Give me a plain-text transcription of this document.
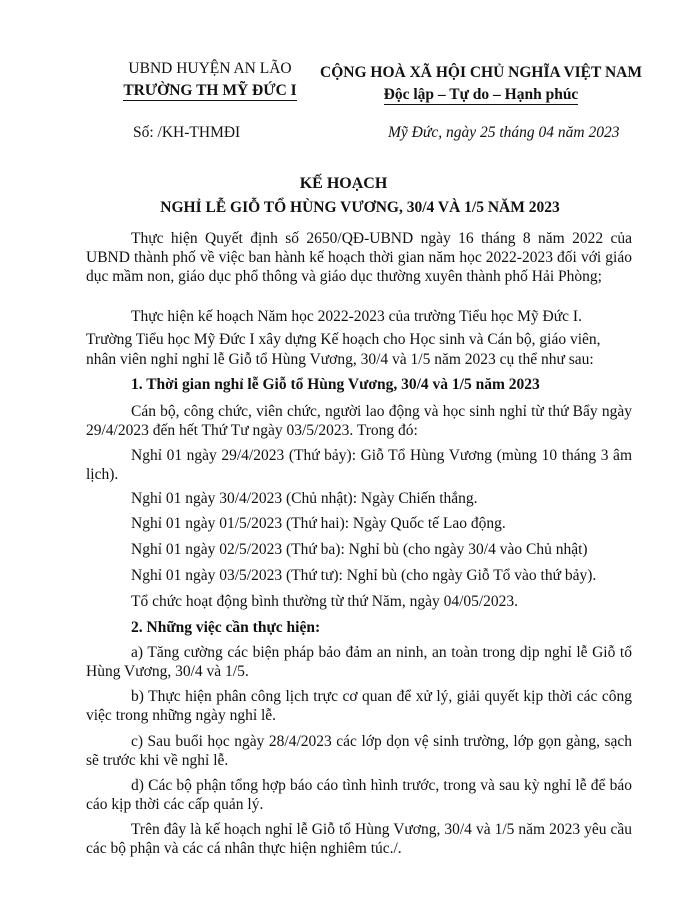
UBND HUYỆN AN LÃO
TRƯỜNG TH MỸ ĐỨC I
CỘNG HOÀ XÃ HỘI CHỦ NGHĨA VIỆT NAM
Độc lập – Tự do – Hạnh phúc
Số: /KH-THMĐI	Mỹ Đức, ngày 25 tháng 04 năm 2023
KẾ HOẠCH
NGHỈ LỄ GIỖ TỔ HÙNG VƯƠNG, 30/4 VÀ 1/5 NĂM 2023
Thực hiện Quyết định số 2650/QĐ-UBND ngày 16 tháng 8 năm 2022 của UBND thành phố về việc ban hành kế hoạch thời gian năm học 2022-2023 đối với giáo dục mầm non, giáo dục phổ thông và giáo dục thường xuyên thành phố Hải Phòng;
Thực hiện kế hoạch Năm học 2022-2023 của trường Tiểu học Mỹ Đức I.
Trường Tiểu học Mỹ Đức I xây dựng Kế hoạch cho Học sinh và Cán bộ, giáo viên,
nhân viên nghỉ nghỉ lễ Giỗ tổ Hùng Vương, 30/4 và 1/5 năm 2023 cụ thể như sau:
1. Thời gian nghỉ lễ Giỗ tổ Hùng Vương, 30/4 và 1/5 năm 2023
Cán bộ, công chức, viên chức, người lao động và học sinh nghỉ từ thứ Bẩy ngày 29/4/2023 đến hết Thứ Tư ngày 03/5/2023. Trong đó:
Nghỉ 01 ngày 29/4/2023 (Thứ bảy): Giỗ Tổ Hùng Vương (mùng 10 tháng 3 âm lịch).
Nghỉ 01 ngày 30/4/2023 (Chủ nhật): Ngày Chiến thắng.
Nghỉ 01 ngày 01/5/2023 (Thứ hai): Ngày Quốc tế Lao động.
Nghỉ 01 ngày 02/5/2023 (Thứ ba): Nghỉ bù (cho ngày 30/4 vào Chủ nhật)
Nghỉ 01 ngày 03/5/2023 (Thứ tư): Nghỉ bù (cho ngày Giỗ Tổ vào thứ bảy).
Tổ chức hoạt động bình thường từ thứ Năm, ngày 04/05/2023.
2. Những việc cần thực hiện:
a) Tăng cường các biện pháp bảo đảm an ninh, an toàn trong dịp nghỉ lễ Giỗ tổ Hùng Vương, 30/4 và 1/5.
b) Thực hiện phân công lịch trực cơ quan để xử lý, giải quyết kịp thời các công việc trong những ngày nghỉ lễ.
c) Sau buổi học ngày 28/4/2023 các lớp dọn vệ sinh trường, lớp gọn gàng, sạch sẽ trước khi về nghỉ lễ.
d) Các bộ phận tổng hợp báo cáo tình hình trước, trong và sau kỳ nghỉ lễ để báo cáo kịp thời các cấp quản lý.
Trên đây là kế hoạch nghỉ lễ Giỗ tổ Hùng Vương, 30/4 và 1/5 năm 2023 yêu cầu các bộ phận và các cá nhân thực hiện nghiêm túc./.
